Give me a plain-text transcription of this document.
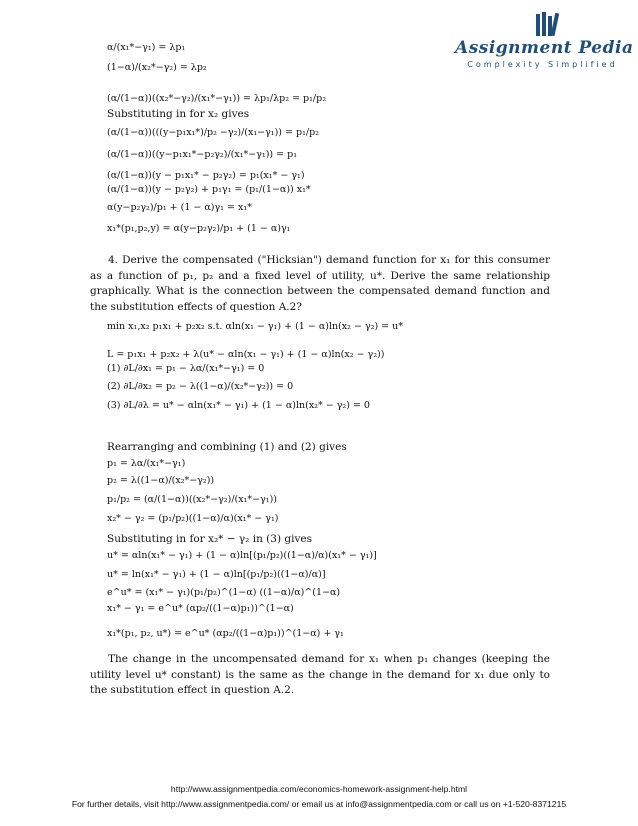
Assignment Pedia
Complexity Simplified
α/(x₁*−γ₁) = λp₁
(1−α)/(x₂*−γ₂) = λp₂
(α/(1−α))((x₂*−γ₂)/(x₁*−γ₁)) = λp₁/λp₂ = p₁/p₂
Substituting in for x₂ gives
(α/(1−α))(((y−p₁x₁*)/p₂ −γ₂)/(x₁−γ₁)) = p₁/p₂
(α/(1−α))((y−p₁x₁*−p₂γ₂)/(x₁*−γ₁)) = p₁
(α/(1−α))(y − p₁x₁* − p₂γ₂) = p₁(x₁* − γ₁)
(α/(1−α))(y − p₂γ₂) + p₁γ₁ = (p₁/(1−α)) x₁*
α(y−p₂γ₂)/p₁ + (1 − α)γ₁ = x₁*
x₁*(p₁,p₂,y) = α(y−p₂γ₂)/p₁ + (1 − α)γ₁
4. Derive the compensated ("Hicksian") demand function for x₁ for this consumer as a function of p₁, p₂ and a fixed level of utility, u*. Derive the same relationship graphically. What is the connection between the compensated demand function and the substitution effects of question A.2?
min x₁,x₂ p₁x₁ + p₂x₂ s.t. αln(x₁ − γ₁) + (1 − α)ln(x₂ − γ₂) = u*
L = p₁x₁ + p₂x₂ + λ(u* − αln(x₁ − γ₁) + (1 − α)ln(x₂ − γ₂))
(1) ∂L/∂x₁ = p₁ − λα/(x₁*−γ₁) = 0
(2) ∂L/∂x₂ = p₂ − λ((1−α)/(x₂*−γ₂)) = 0
(3) ∂L/∂λ = u* − αln(x₁* − γ₁) + (1 − α)ln(x₂* − γ₂) = 0
Rearranging and combining (1) and (2) gives
p₁ = λα/(x₁*−γ₁)
p₂ = λ((1−α)/(x₂*−γ₂))
p₁/p₂ = (α/(1−α))((x₂*−γ₂)/(x₁*−γ₁))
x₂* − γ₂ = (p₁/p₂)((1−α)/α)(x₁* − γ₁)
Substituting in for x₂* − γ₂ in (3) gives
u* = αln(x₁* − γ₁) + (1 − α)ln[(p₁/p₂)((1−α)/α)(x₁* − γ₁)]
u* = ln(x₁* − γ₁) + (1 − α)ln[(p₁/p₂)((1−α)/α)]
e^u* = (x₁* − γ₁)(p₁/p₂)^(1−α) ((1−α)/α)^(1−α)
x₁* − γ₁ = e^u* (αp₂/((1−α)p₁))^(1−α)
x₁*(p₁, p₂, u*) = e^u* (αp₂/((1−α)p₁))^(1−α) + γ₁
The change in the uncompensated demand for x₁ when p₁ changes (keeping the utility level u* constant) is the same as the change in the demand for x₁ due only to the substitution effect in question A.2.
http://www.assignmentpedia.com/economics-homework-assignment-help.html
For further details, visit http://www.assignmentpedia.com/ or email us at info@assignmentpedia.com or call us on +1-520-8371215
